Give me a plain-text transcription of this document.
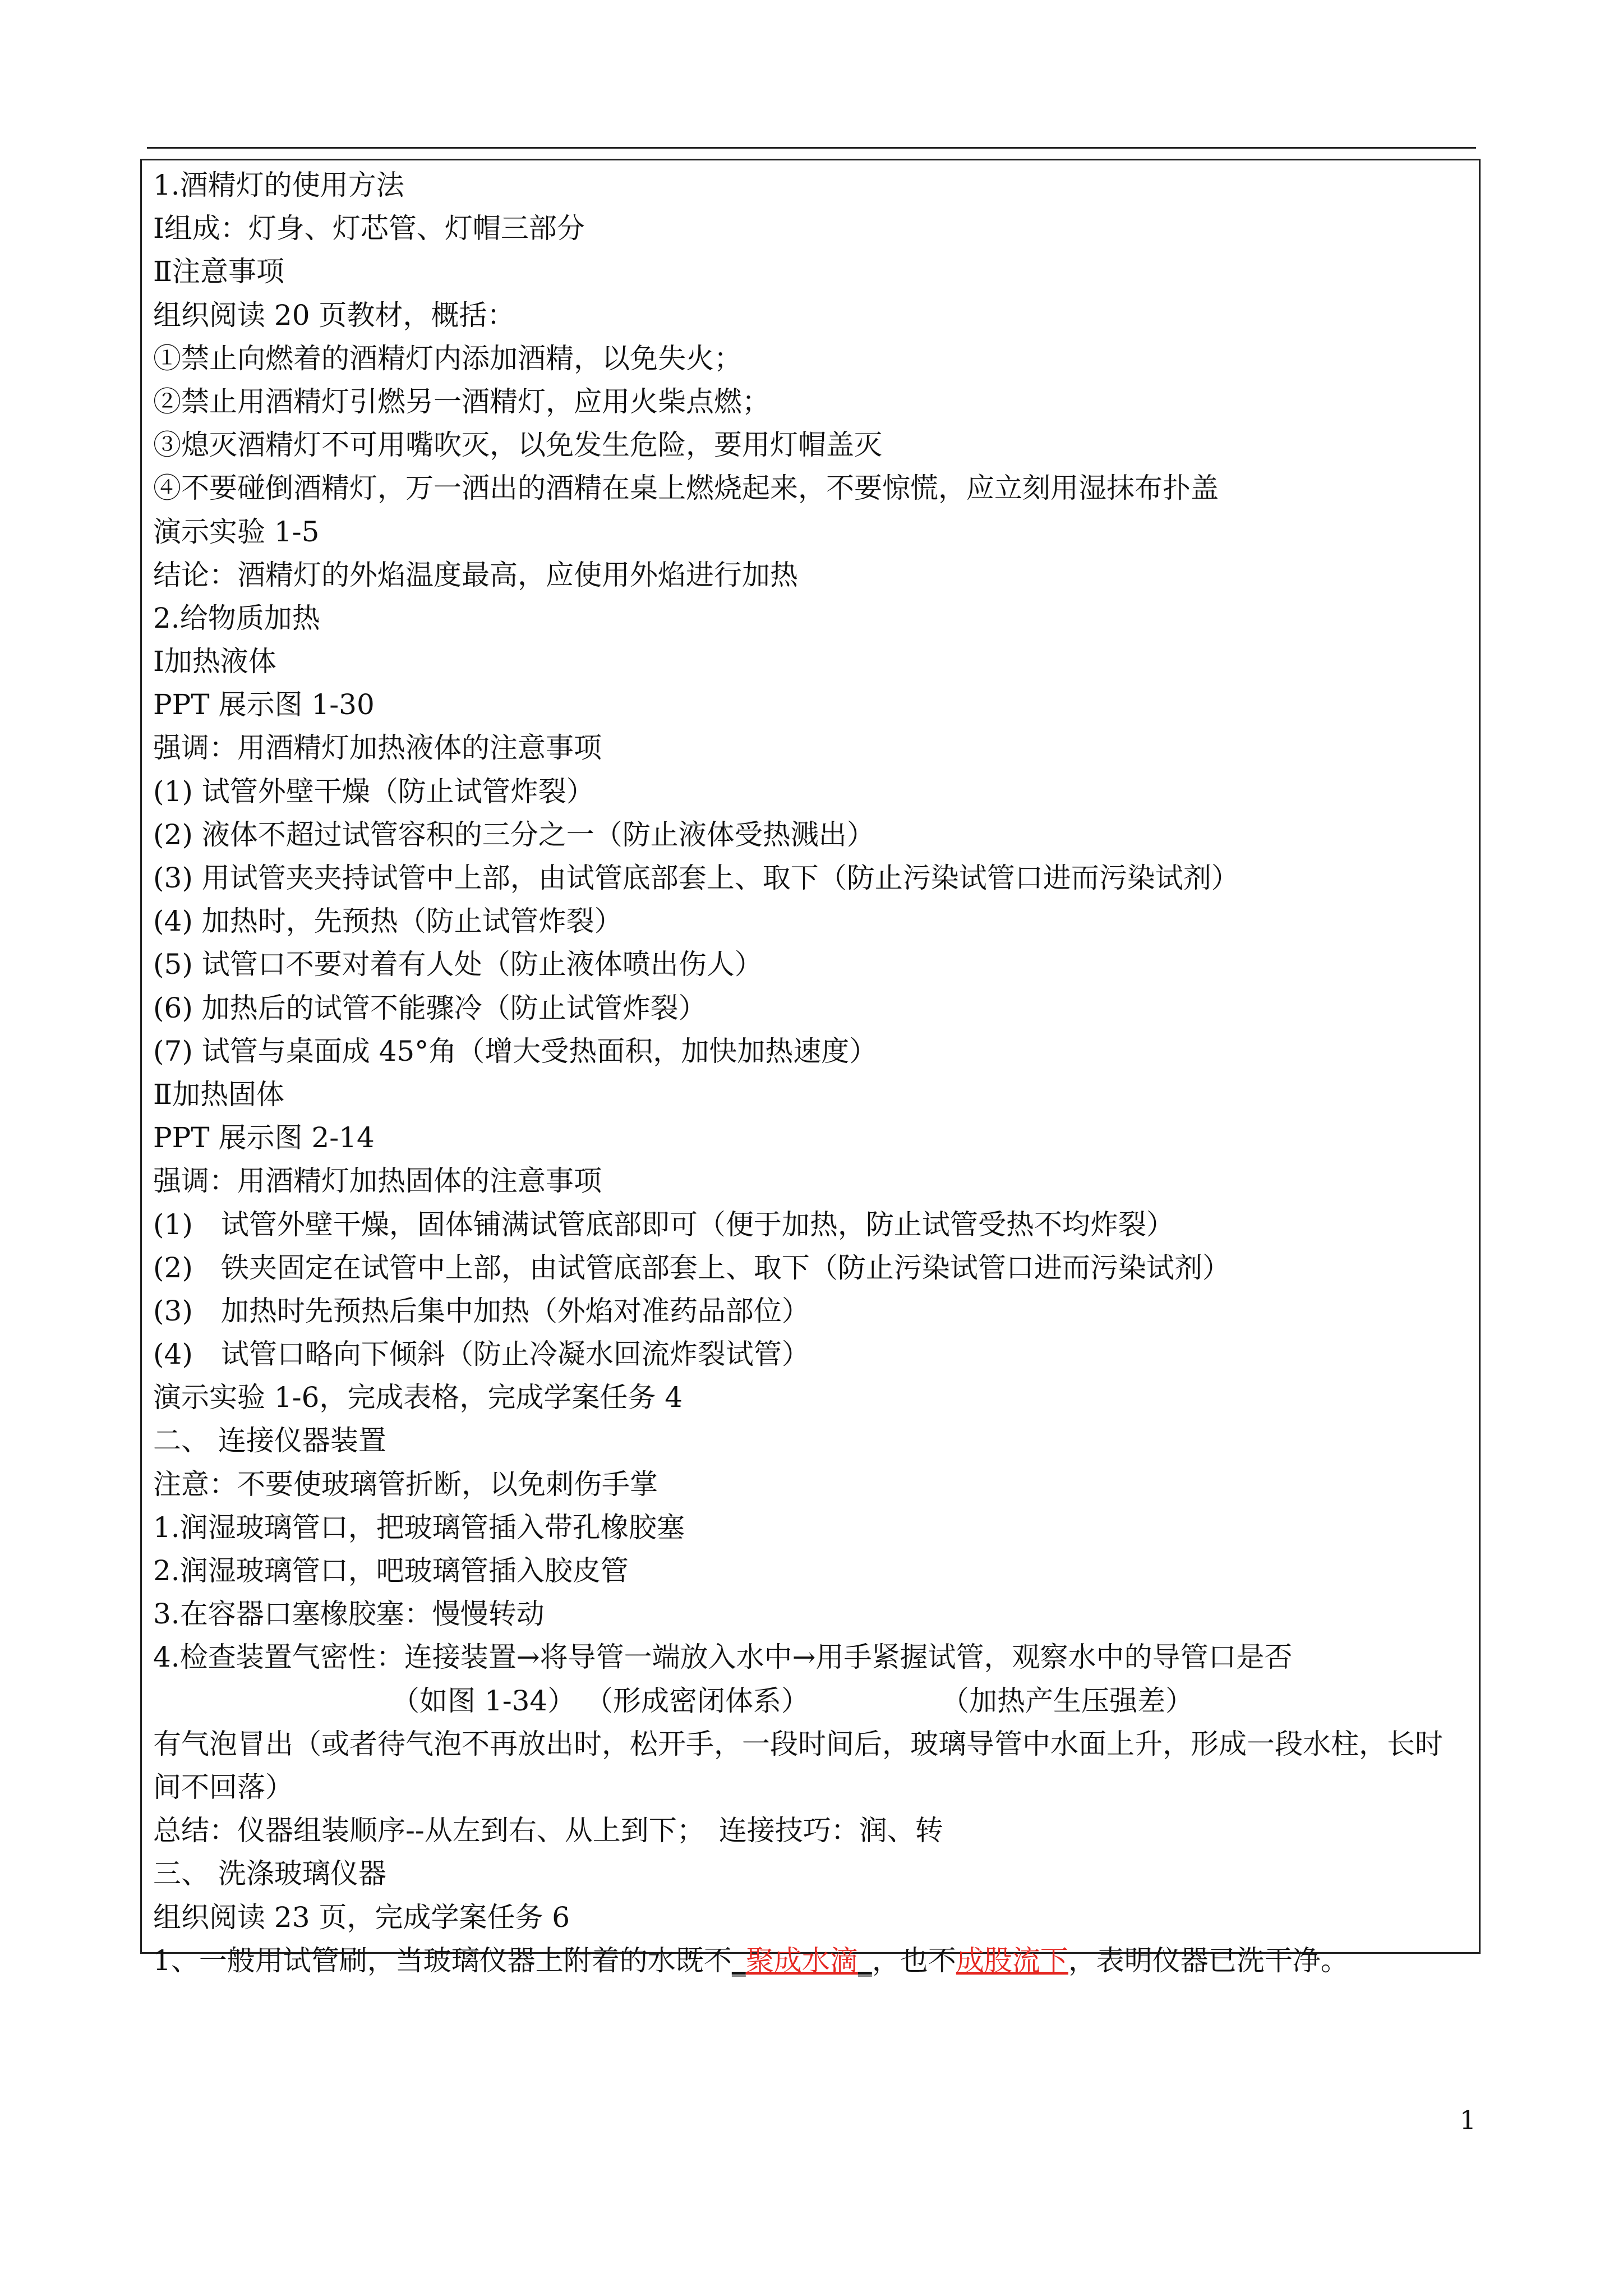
1.酒精灯的使用方法
Ⅰ组成：灯身、灯芯管、灯帽三部分
Ⅱ注意事项
组织阅读 20 页教材，概括：
①禁止向燃着的酒精灯内添加酒精，以免失火；
②禁止用酒精灯引燃另一酒精灯，应用火柴点燃；
③熄灭酒精灯不可用嘴吹灭，以免发生危险，要用灯帽盖灭
④不要碰倒酒精灯，万一洒出的酒精在桌上燃烧起来，不要惊慌，应立刻用湿抹布扑盖
演示实验 1-5
结论：酒精灯的外焰温度最高，应使用外焰进行加热
2.给物质加热
Ⅰ加热液体
PPT 展示图 1-30
强调：用酒精灯加热液体的注意事项
(1) 试管外壁干燥（防止试管炸裂）
(2) 液体不超过试管容积的三分之一（防止液体受热溅出）
(3) 用试管夹夹持试管中上部，由试管底部套上、取下（防止污染试管口进而污染试剂）
(4) 加热时，先预热（防止试管炸裂）
(5) 试管口不要对着有人处（防止液体喷出伤人）
(6) 加热后的试管不能骤冷（防止试管炸裂）
(7) 试管与桌面成 45°角（增大受热面积，加快加热速度）
Ⅱ加热固体
PPT 展示图 2-14
强调：用酒精灯加热固体的注意事项
(1)　试管外壁干燥，固体铺满试管底部即可（便于加热，防止试管受热不均炸裂）
(2)　铁夹固定在试管中上部，由试管底部套上、取下（防止污染试管口进而污染试剂）
(3)　加热时先预热后集中加热（外焰对准药品部位）
(4)　试管口略向下倾斜（防止冷凝水回流炸裂试管）
演示实验 1-6，完成表格，完成学案任务 4
二、 连接仪器装置
注意：不要使玻璃管折断，以免刺伤手掌
1.润湿玻璃管口，把玻璃管插入带孔橡胶塞
2.润湿玻璃管口，吧玻璃管插入胶皮管
3.在容器口塞橡胶塞：慢慢转动
4.检查装置气密性：连接装置→将导管一端放入水中→用手紧握试管，观察水中的导管口是否
（如图 1-34） （形成密闭体系）	（加热产生压强差）
有气泡冒出（或者待气泡不再放出时，松开手，一段时间后，玻璃导管中水面上升，形成一段水柱，长时
间不回落）
总结：仪器组装顺序--从左到右、从上到下；　连接技巧：润、转
三、 洗涤玻璃仪器
组织阅读 23 页，完成学案任务 6
1、一般用试管刷，当玻璃仪器上附着的水既不_聚成水滴_，也不成股流下，表明仪器已洗干净。
1
